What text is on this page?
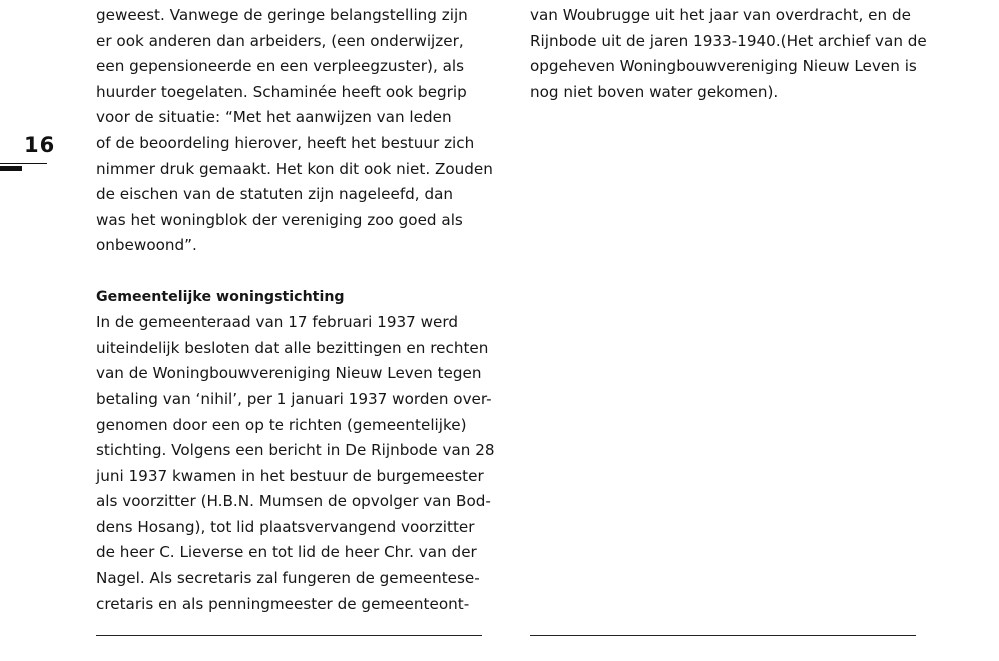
16
geweest. Vanwege de geringe belangstelling zijn
er ook anderen dan arbeiders, (een onderwijzer,
een gepensioneerde en een verpleegzuster), als
huurder toegelaten. Schaminée heeft ook begrip
voor de situatie: “Met het aanwijzen van leden
of de beoordeling hierover, heeft het bestuur zich
nimmer druk gemaakt. Het kon dit ook niet. Zouden
de eischen van de statuten zijn nageleefd, dan
was het woningblok der vereniging zoo goed als
onbewoond”.
Gemeentelijke woningstichting
In de gemeenteraad van 17 februari 1937 werd
uiteindelijk besloten dat alle bezittingen en rechten
van de Woningbouwvereniging Nieuw Leven tegen
betaling van ‘nihil’, per 1 januari 1937 worden over-
genomen door een op te richten (gemeentelijke)
stichting. Volgens een bericht in De Rijnbode van 28
juni 1937 kwamen in het bestuur de burgemeester
als voorzitter (H.B.N. Mumsen de opvolger van Bod-
dens Hosang), tot lid plaatsvervangend voorzitter
de heer C. Lieverse en tot lid de heer Chr. van der
Nagel. Als secretaris zal fungeren de gemeentese-
cretaris en als penningmeester de gemeenteont-
van Woubrugge uit het jaar van overdracht, en de
Rijnbode uit de jaren 1933-1940.(Het archief van de
opgeheven Woningbouwvereniging Nieuw Leven is
nog niet boven water gekomen).
